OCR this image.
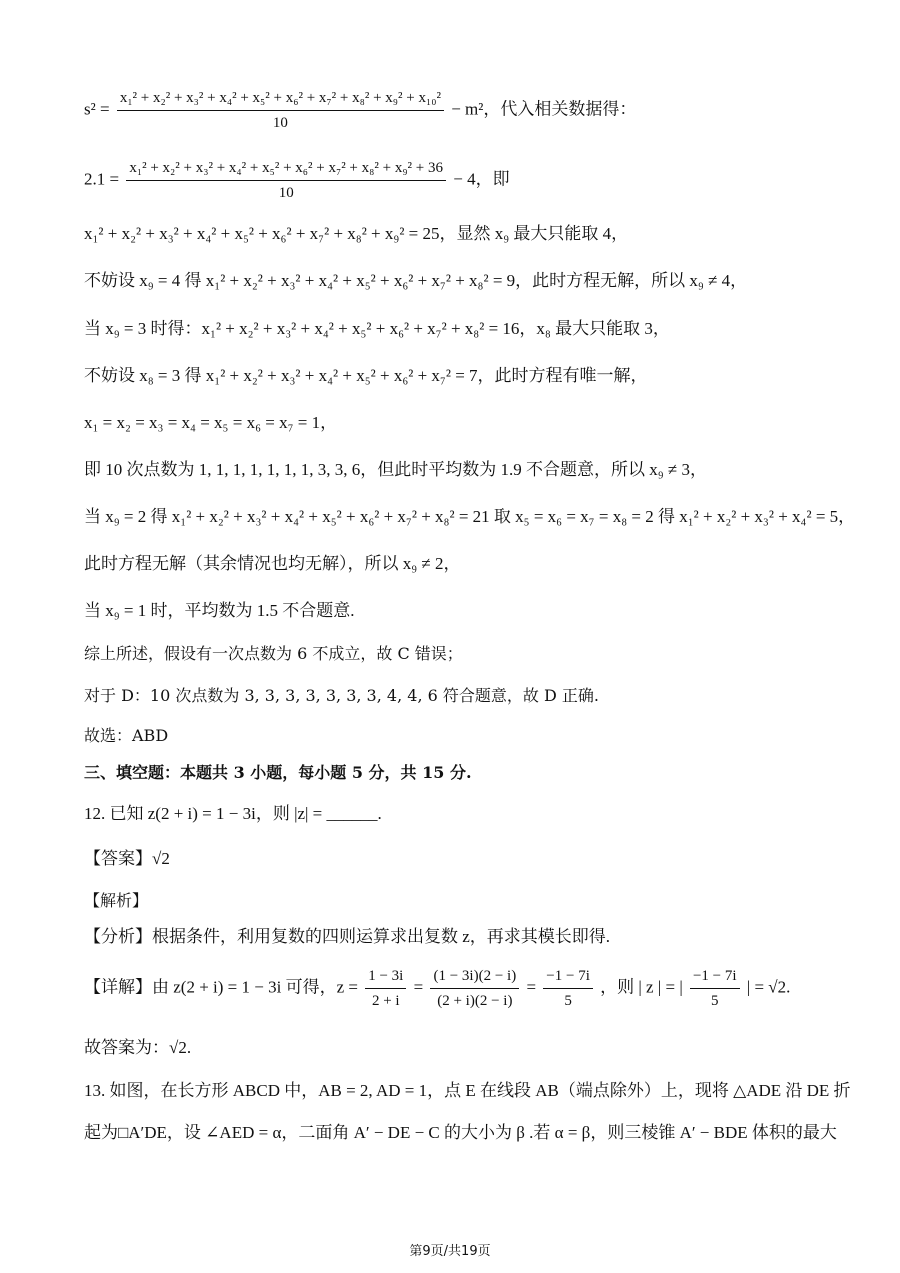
$s^2 = \frac{\text{x₁² + x₂² + x₃² + x₄² + x₅² + x₆² + x₇² + x₈² + x₉² + x₁₀²}}{10} - m^2$，代入相关数据得：
$2.1 = \frac{\text{x₁² + x₂² + x₃² + x₄² + x₅² + x₆² + x₇² + x₈² + x₉² + 36}}{10} - 4$，即
x₁² + x₂² + x₃² + x₄² + x₅² + x₆² + x₇² + x₈² + x₉² = 25，显然 x₉ 最大只能取 4，
不妨设 x₉ = 4 得 x₁² + x₂² + x₃² + x₄² + x₅² + x₆² + x₇² + x₈² = 9，此时方程无解，所以 x₉ ≠ 4，
当 x₉ = 3 时得：x₁² + x₂² + x₃² + x₄² + x₅² + x₆² + x₇² + x₈² = 16，x₈ 最大只能取 3，
不妨设 x₈ = 3 得 x₁² + x₂² + x₃² + x₄² + x₅² + x₆² + x₇² = 7，此时方程有唯一解，
x₁ = x₂ = x₃ = x₄ = x₅ = x₆ = x₇ = 1，
即 10 次点数为 1, 1, 1, 1, 1, 1, 1, 3, 3, 6，但此时平均数为 1.9 不合题意，所以 x₉ ≠ 3，
当 x₉ = 2 得 x₁² + x₂² + x₃² + x₄² + x₅² + x₆² + x₇² + x₈² = 21 取 x₅ = x₆ = x₇ = x₈ = 2 得 x₁² + x₂² + x₃² + x₄² = 5，
此时方程无解（其余情况也均无解），所以 x₉ ≠ 2，
当 x₉ = 1 时，平均数为 1.5 不合题意.
综上所述，假设有一次点数为 6 不成立，故 C 错误；
对于 D：10 次点数为 3, 3, 3, 3, 3, 3, 3, 4, 4, 6 符合题意，故 D 正确.
故选：ABD
三、填空题：本题共 3 小题，每小题 5 分，共 15 分.
12. 已知 z(2 + i) = 1 − 3i，则 |z| = ______.
【答案】√2
【解析】
【分析】根据条件，利用复数的四则运算求出复数 z，再求其模长即得.
【详解】由 z(2 + i) = 1 − 3i 可得，$z = \frac{1 - 3i}{2 + i} = \frac{(1 - 3i)(2 - i)}{(2 + i)(2 - i)} = \frac{-1 - 7i}{5}$ ，则 | z | = | $\frac{-1 - 7i}{5}$ | = √2.
故答案为：√2.
13. 如图，在长方形 ABCD 中，AB = 2, AD = 1，点 E 在线段 AB（端点除外）上，现将 △ADE 沿 DE 折
起为□A′DE，设 ∠AED = α，二面角 A′ − DE − C 的大小为 β .若 α = β，则三棱锥 A′ − BDE 体积的最大
第9页/共19页
